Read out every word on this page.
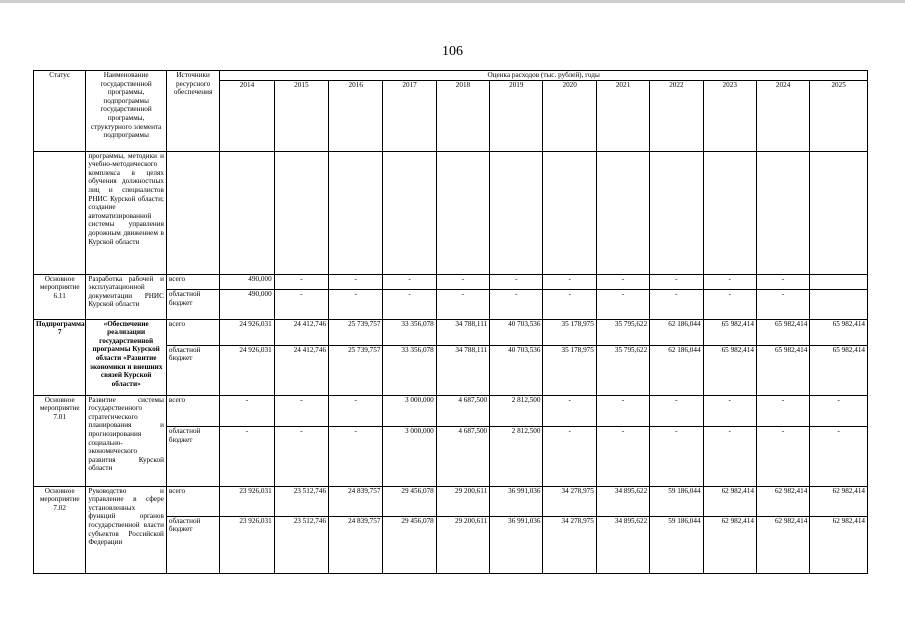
106
Статус	Наименование государственной программы, подпрограммы государственной программы, структурного элемента подпрограммы	Источники ресурсного обеспечения	Оценка расходов (тыс. рублей), годы											
			2014	2015	2016	2017	2018	2019	2020	2021	2022	2023	2024	2025
	программы, методики и учебно-методического комплекса в целях обучения должностных лиц и специалистов РНИС Курской области; создание автоматизированной системы управления дорожным движением в Курской области													
Основное мероприятие 6.11	Разработка рабочей и эксплуатационной документации РНИС Курской области	всего	490,000	-	-	-	-	-	-	-	-	-	-	
		областной бюджет	490,000	-	-	-	-	-	-	-	-	-	-	
Подпрограмма 7	«Обеспечение реализации государственной программы Курской области «Развитие экономики и внешних связей Курской области»	всего	24 926,031	24 412,746	25 739,757	33 356,078	34 788,111	40 703,536	35 178,975	35 795,622	62 186,044	65 982,414	65 982,414	65 982,414
		областной бюджет	24 926,031	24 412,746	25 739,757	33 356,078	34 788,111	40 703,536	35 178,975	35 795,622	62 186,044	65 982,414	65 982,414	65 982,414
Основное мероприятие 7.01	Развитие системы государственного стратегического планирования и прогнозирования социально-экономического развития Курской области	всего	-	-	-	3 000,000	4 687,500	2 812,500	-	-	-	-	-	-
		областной бюджет	-	-	-	3 000,000	4 687,500	2 812,500	-	-	-	-	-	-
Основное мероприятие 7.02	Руководство и управление в сфере установленных функций органов государственной власти субъектов Российской Федерации	всего	23 926,031	23 512,746	24 839,757	29 456,078	29 200,611	36 991,036	34 278,975	34 895,622	59 186,044	62 982,414	62 982,414	62 982,414
		областной бюджет	23 926,031	23 512,746	24 839,757	29 456,078	29 200,611	36 991,036	34 278,975	34 895,622	59 186,044	62 982,414	62 982,414	62 982,414
